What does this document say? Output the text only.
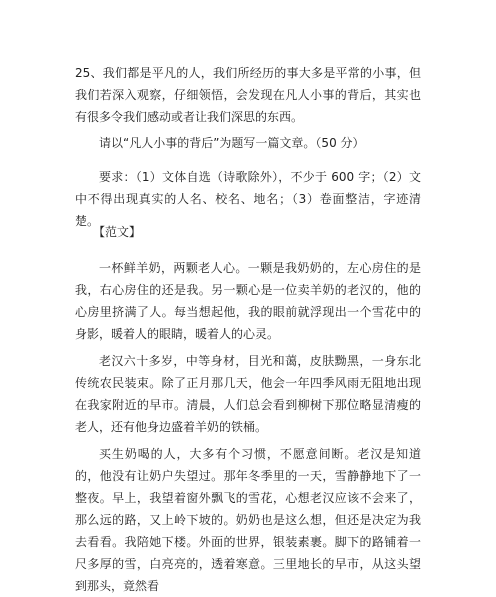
25、我们都是平凡的人，我们所经历的事大多是平常的小事，但我们若深入观察，仔细领悟，会发现在凡人小事的背后，其实也有很多令我们感动或者让我们深思的东西。

请以“凡人小事的背后”为题写一篇文章。（50 分）

要求：（1）文体自选（诗歌除外），不少于 600 字；（2）文中不得出现真实的人名、校名、地名；（3）卷面整洁，字迹清楚。

【范文】

一杯鲜羊奶，两颗老人心。一颗是我奶奶的，左心房住的是我，右心房住的还是我。另一颗心是一位卖羊奶的老汉的，他的心房里挤满了人。每当想起他，我的眼前就浮现出一个雪花中的身影，暖着人的眼睛，暖着人的心灵。

老汉六十多岁，中等身材，目光和蔼，皮肤黝黑，一身东北传统农民装束。除了正月那几天，他会一年四季风雨无阻地出现在我家附近的早市。清晨，人们总会看到柳树下那位略显清瘦的老人，还有他身边盛着羊奶的铁桶。

买生奶喝的人，大多有个习惯，不愿意间断。老汉是知道的，他没有让奶户失望过。那年冬季里的一天，雪静静地下了一整夜。早上，我望着窗外飘飞的雪花，心想老汉应该不会来了，那么远的路，又上岭下坡的。奶奶也是这么想，但还是决定为我去看看。我陪她下楼。外面的世界，银装素裹。脚下的路铺着一尺多厚的雪，白亮亮的，透着寒意。三里地长的早市，从这头望到那头，竟然看
